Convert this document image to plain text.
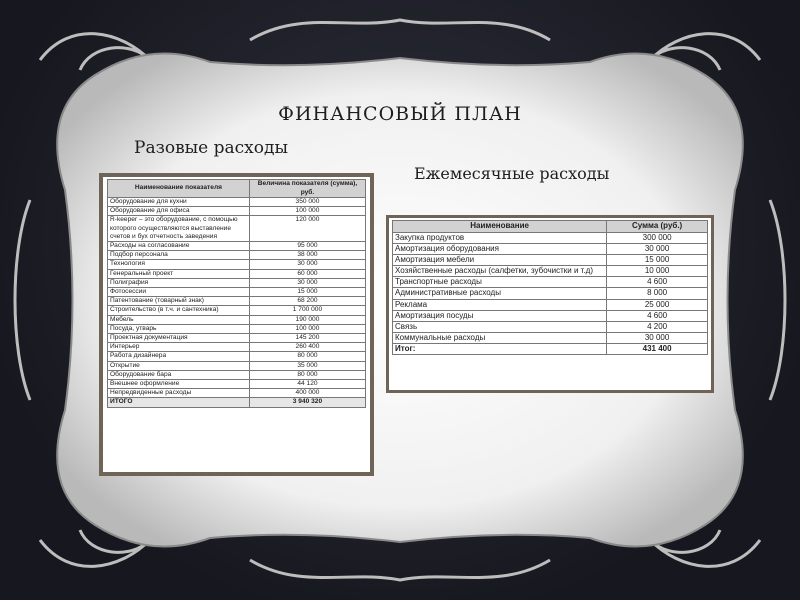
ФИНАНСОВЫЙ ПЛАН
Разовые расходы
Ежемесячные расходы
Наименование показателя	Величина показателя (сумма), руб.
Оборудование для кухни	350 000
Оборудование для офиса	100 000
R-keeper – это оборудование, с помощью которого осуществляются выставление счетов и бух отчетность заведения	120 000
Расходы на согласование	95 000
Подбор персонала	38 000
Технология	30 000
Генеральный проект	60 000
Полиграфия	30 000
Фотосессии	15 000
Патентование (товарный знак)	68 200
Строительство (в т.ч. и сантехника)	1 700 000
Мебель	190 000
Посуда, утварь	100 000
Проектная документация	145 200
Интерьер	260 400
Работа дизайнера	80 000
Открытие	35 000
Оборудование бара	80 000
Внешнее оформление	44 120
Непредвиденные расходы	400 000
ИТОГО	3 940 320
Наименование	Сумма (руб.)
Закупка продуктов	300 000
Амортизация оборудования	30 000
Амортизация мебели	15 000
Хозяйственные расходы (салфетки, зубочистки и т.д)	10 000
Транспортные расходы	4 600
Административные расходы	8 000
Реклама	25 000
Амортизация посуды	4 600
Связь	4 200
Коммунальные расходы	30 000
Итог:	431 400
